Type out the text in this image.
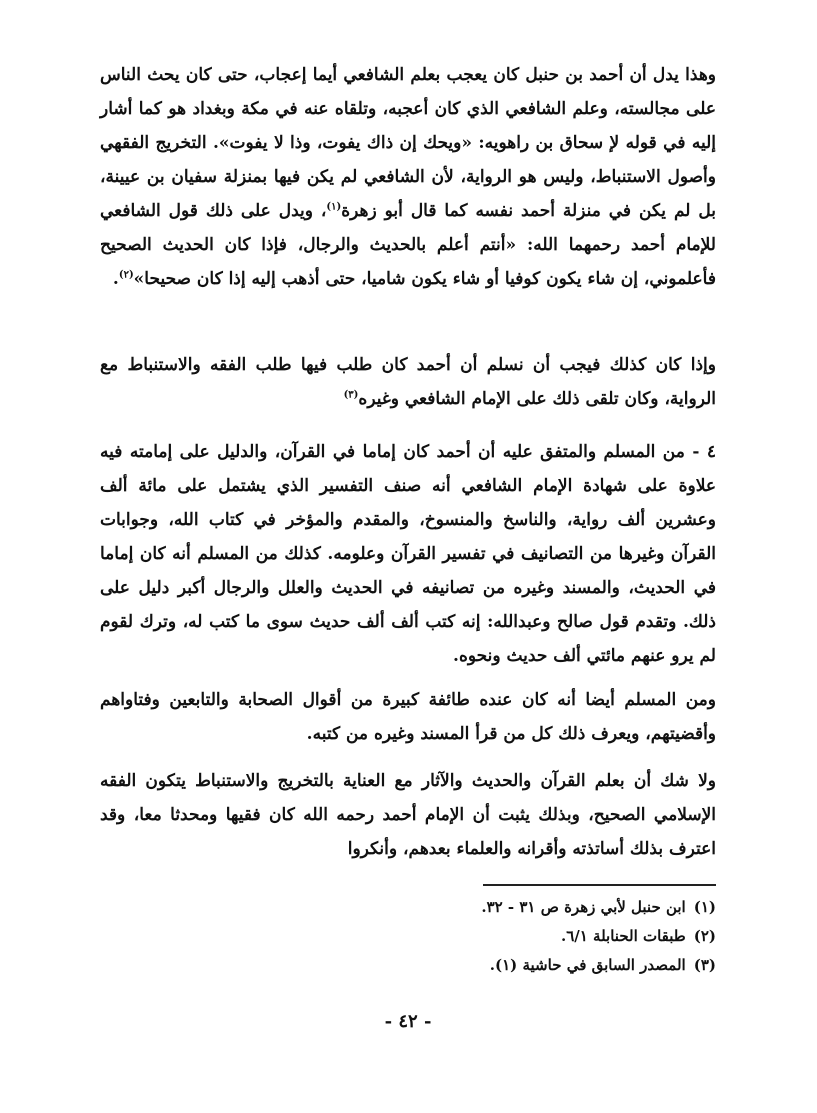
وهذا يدل أن أحمد بن حنبل كان يعجب بعلم الشافعي أيما إعجاب، حتى كان يحث الناس على مجالسته، وعلم الشافعي الذي كان أعجبه، وتلقاه عنه في مكة وبغداد هو كما أشار إليه في قوله لإ سحاق بن راهويه: «ويحك إن ذاك يفوت، وذا لا يفوت». التخريج الفقهي وأصول الاستنباط، وليس هو الرواية، لأن الشافعي لم يكن فيها بمنزلة سفيان بن عيينة، بل لم يكن في منزلة أحمد نفسه كما قال أبو زهرة$^{(١)}$، ويدل على ذلك قول الشافعي للإمام أحمد رحمهما الله: «أنتم أعلم بالحديث والرجال، فإذا كان الحديث الصحيح فأعلموني، إن شاء يكون كوفيا أو شاء يكون شاميا، حتى أذهب إليه إذا كان صحيحا»$^{(٢)}$.

وإذا كان كذلك فيجب أن نسلم أن أحمد كان طلب فيها طلب الفقه والاستنباط مع الرواية، وكان تلقى ذلك على الإمام الشافعي وغيره$^{(٣)}$

٤ - من المسلم والمتفق عليه أن أحمد كان إماما في القرآن، والدليل على إمامته فيه علاوة على شهادة الإمام الشافعي أنه صنف التفسير الذي يشتمل على مائة ألف وعشرين ألف رواية، والناسخ والمنسوخ، والمقدم والمؤخر في كتاب الله، وجوابات القرآن وغيرها من التصانيف في تفسير القرآن وعلومه. كذلك من المسلم أنه كان إماما في الحديث، والمسند وغيره من تصانيفه في الحديث والعلل والرجال أكبر دليل على ذلك. وتقدم قول صالح وعبدالله: إنه كتب ألف ألف حديث سوى ما كتب له، وترك لقوم لم يرو عنهم مائتي ألف حديث ونحوه.

ومن المسلم أيضا أنه كان عنده طائفة كبيرة من أقوال الصحابة والتابعين وفتاواهم وأقضيتهم، ويعرف ذلك كل من قرأ المسند وغيره من كتبه.

ولا شك أن بعلم القرآن والحديث والآثار مع العناية بالتخريج والاستنباط يتكون الفقه الإسلامي الصحيح، وبذلك يثبت أن الإمام أحمد رحمه الله كان فقيها ومحدثا معا، وقد اعترف بذلك أساتذته وأقرانه والعلماء بعدهم، وأنكروا

(١)ابن حنبل لأبي زهرة ص ٣١ - ٣٢.

(٢)طبقات الحنابلة ٦/١.

(٣)المصدر السابق في حاشية (١).

- ٤٢ -
